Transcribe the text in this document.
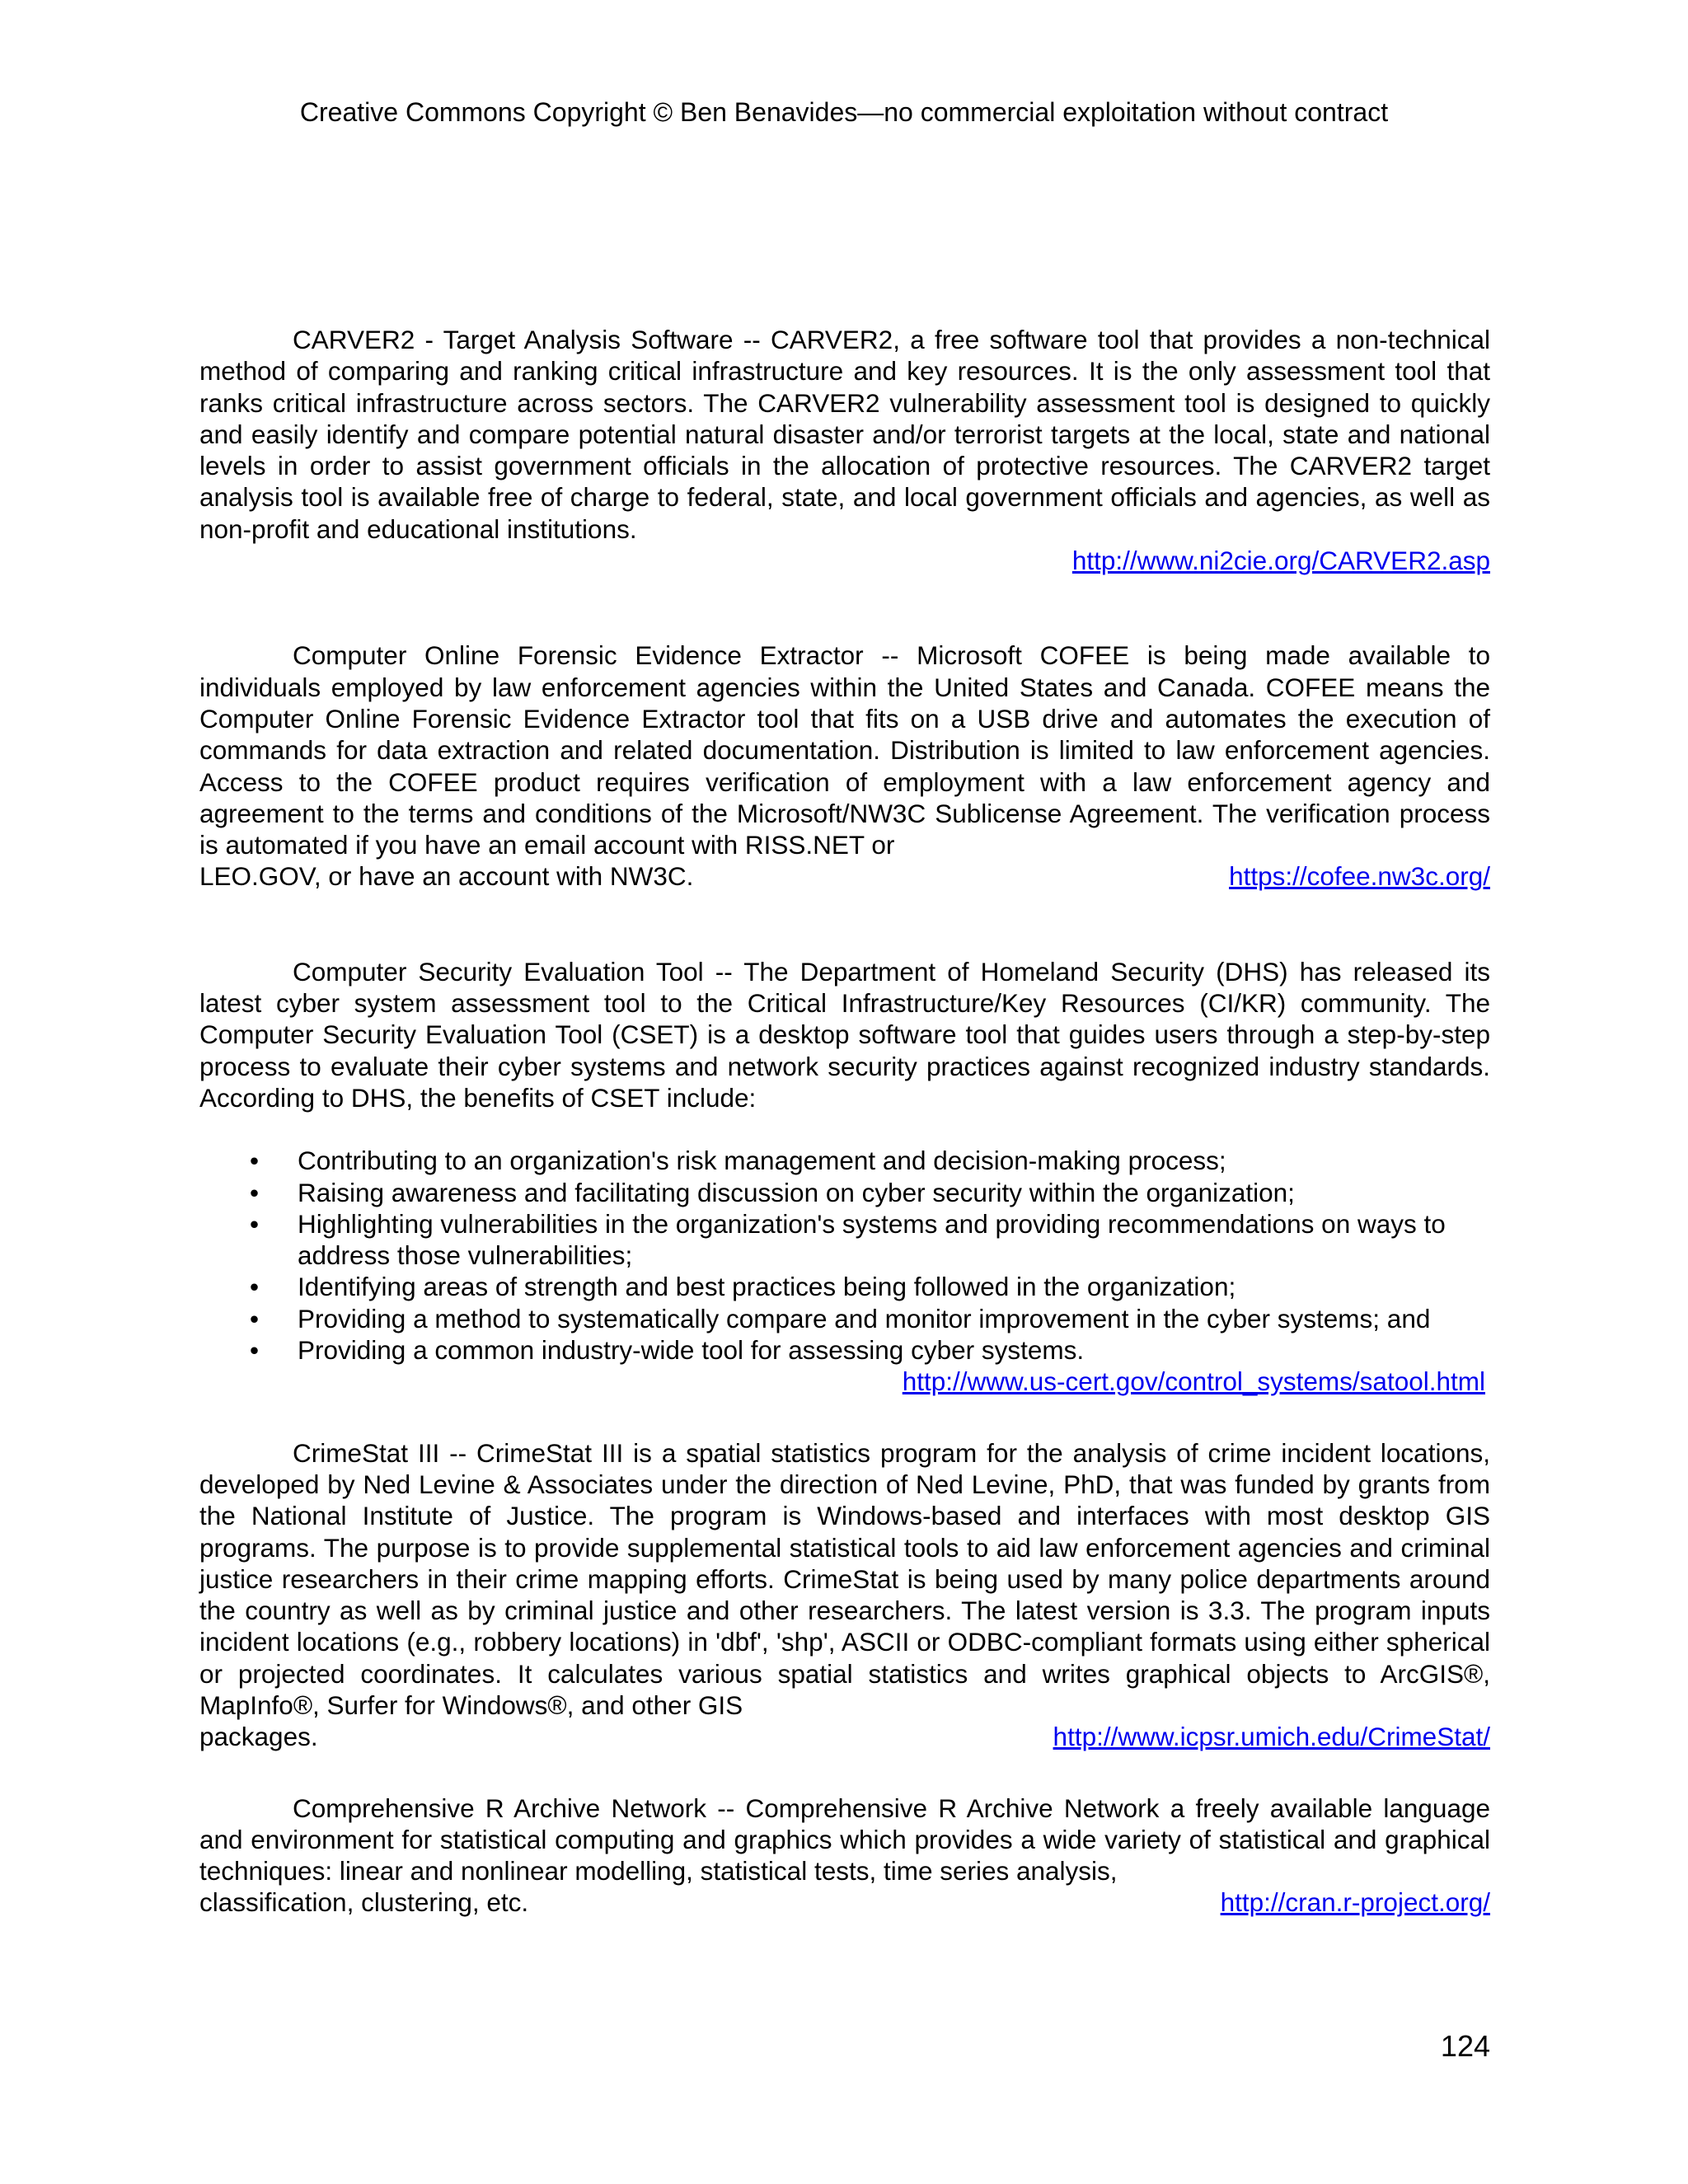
Creative Commons Copyright © Ben Benavides—no commercial exploitation without contract

CARVER2 - Target Analysis Software -- CARVER2, a free software tool that provides a non-technical method of comparing and ranking critical infrastructure and key resources. It is the only assessment tool that ranks critical infrastructure across sectors. The CARVER2 vulnerability assessment tool is designed to quickly and easily identify and compare potential natural disaster and/or terrorist targets at the local, state and national levels in order to assist government officials in the allocation of protective resources. The CARVER2 target analysis tool is available free of charge to federal, state, and local government officials and agencies, as well as non-profit and educational institutions.

http://www.ni2cie.org/CARVER2.asp

Computer Online Forensic Evidence Extractor -- Microsoft COFEE is being made available to individuals employed by law enforcement agencies within the United States and Canada. COFEE means the Computer Online Forensic Evidence Extractor tool that fits on a USB drive and automates the execution of commands for data extraction and related documentation. Distribution is limited to law enforcement agencies. Access to the COFEE product requires verification of employment with a law enforcement agency and agreement to the terms and conditions of the Microsoft/NW3C Sublicense Agreement. The verification process is automated if you have an email account with RISS.NET or

LEO.GOV, or have an account with NW3C.	https://cofee.nw3c.org/

Computer Security Evaluation Tool -- The Department of Homeland Security (DHS) has released its latest cyber system assessment tool to the Critical Infrastructure/Key Resources (CI/KR) community. The Computer Security Evaluation Tool (CSET) is a desktop software tool that guides users through a step-by-step process to evaluate their cyber systems and network security practices against recognized industry standards. According to DHS, the benefits of CSET include:

• Contributing to an organization's risk management and decision-making process;
• Raising awareness and facilitating discussion on cyber security within the organization;
• Highlighting vulnerabilities in the organization's systems and providing recommendations on ways to address those vulnerabilities;
• Identifying areas of strength and best practices being followed in the organization;
• Providing a method to systematically compare and monitor improvement in the cyber systems; and
• Providing a common industry-wide tool for assessing cyber systems.
http://www.us-cert.gov/control_systems/satool.html

CrimeStat III -- CrimeStat III is a spatial statistics program for the analysis of crime incident locations, developed by Ned Levine & Associates under the direction of Ned Levine, PhD, that was funded by grants from the National Institute of Justice. The program is Windows-based and interfaces with most desktop GIS programs. The purpose is to provide supplemental statistical tools to aid law enforcement agencies and criminal justice researchers in their crime mapping efforts. CrimeStat is being used by many police departments around the country as well as by criminal justice and other researchers. The latest version is 3.3. The program inputs incident locations (e.g., robbery locations) in 'dbf', 'shp', ASCII or ODBC-compliant formats using either spherical or projected coordinates. It calculates various spatial statistics and writes graphical objects to ArcGIS®, MapInfo®, Surfer for Windows®, and other GIS

packages.	http://www.icpsr.umich.edu/CrimeStat/

Comprehensive R Archive Network -- Comprehensive R Archive Network a freely available language and environment for statistical computing and graphics which provides a wide variety of statistical and graphical techniques: linear and nonlinear modelling, statistical tests, time series analysis,

classification, clustering, etc.	http://cran.r-project.org/
124
